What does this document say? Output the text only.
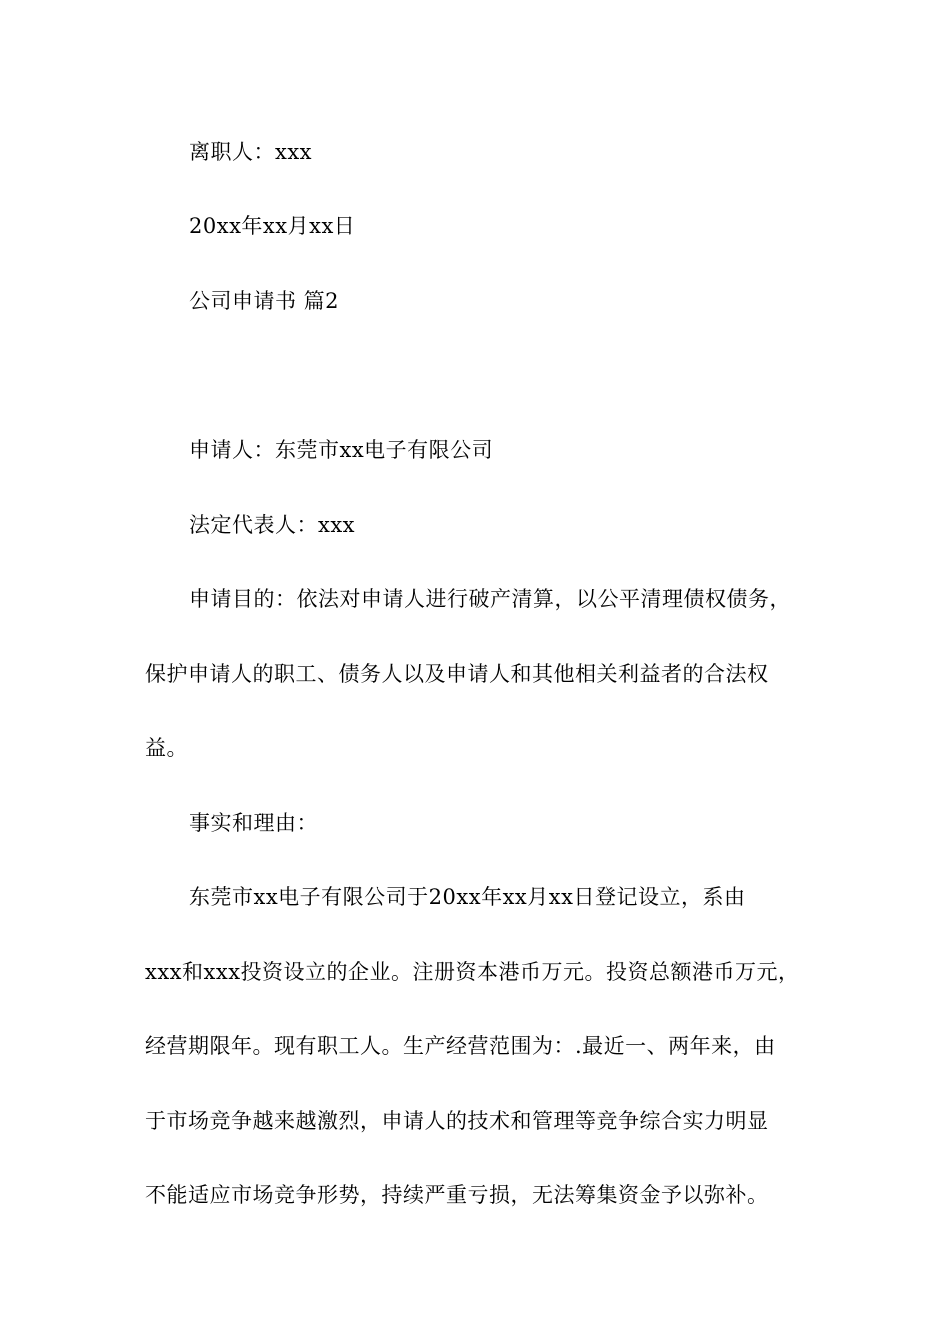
离职人：xxx
20xx年xx月xx日
公司申请书 篇2
申请人：东莞市xx电子有限公司
法定代表人：xxx
申请目的：依法对申请人进行破产清算，以公平清理债权债务，
保护申请人的职工、债务人以及申请人和其他相关利益者的合法权
益。
事实和理由：
东莞市xx电子有限公司于20xx年xx月xx日登记设立，系由
xxx和xxx投资设立的企业。注册资本港币万元。投资总额港币万元，
经营期限年。现有职工人。生产经营范围为：.最近一、两年来，由
于市场竞争越来越激烈，申请人的技术和管理等竞争综合实力明显
不能适应市场竞争形势，持续严重亏损，无法筹集资金予以弥补。
